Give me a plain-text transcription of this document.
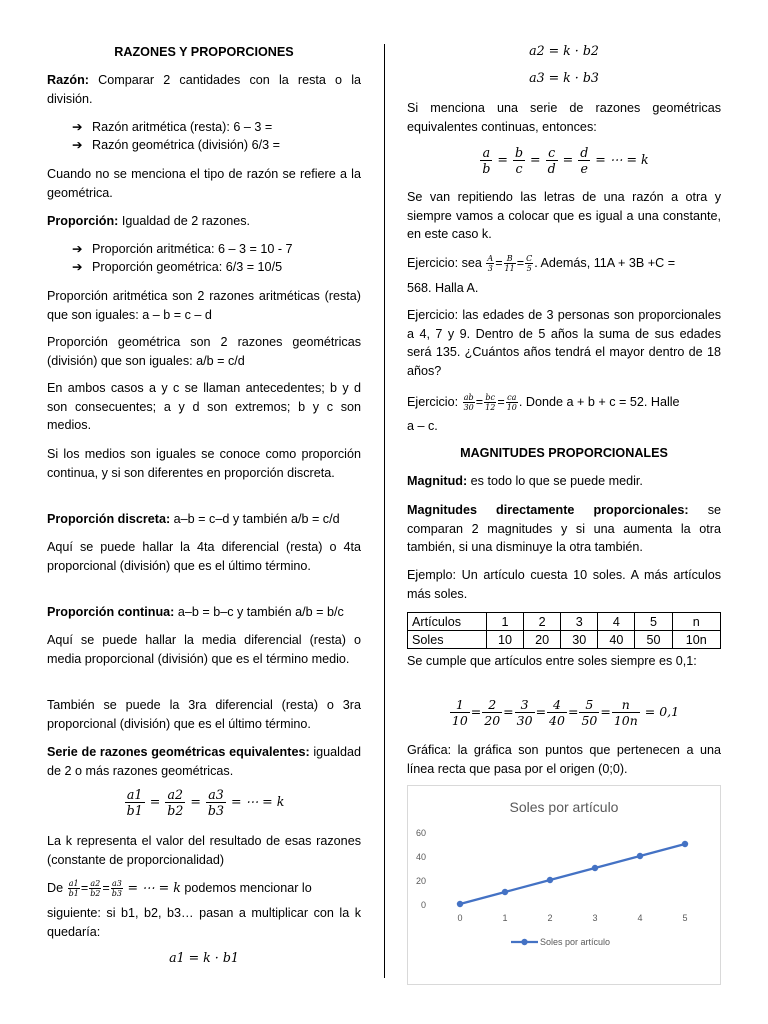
RAZONES Y PROPORCIONES
Razón: Comparar 2 cantidades con la resta o la división.
➔ Razón aritmética (resta): 6 – 3 =
➔ Razón geométrica (división) 6/3 =
Cuando no se menciona el tipo de razón se refiere a la geométrica.
Proporción: Igualdad de 2 razones.
➔ Proporción aritmética: 6 – 3 = 10 - 7
➔ Proporción geométrica: 6/3 = 10/5
Proporción aritmética son 2 razones aritméticas (resta) que son iguales: a – b = c – d
Proporción geométrica son 2 razones geométricas (división) que son iguales: a/b = c/d
En ambos casos a y c se llaman antecedentes; b y d son consecuentes; a y d son extremos; b y c son medios.
Si los medios son iguales se conoce como proporción continua, y si son diferentes en proporción discreta.
Proporción discreta: a–b = c–d y también a/b = c/d
Aquí se puede hallar la 4ta diferencial (resta) o 4ta proporcional (división) que es el último término.
Proporción continua: a–b = b–c y también a/b = b/c
Aquí se puede hallar la media diferencial (resta) o media proporcional (división) que es el término medio.
También se puede la 3ra diferencial (resta) o 3ra proporcional (división) que es el último término.
Serie de razones geométricas equivalentes: igualdad de 2 o más razones geométricas.
$\frac{a1}{b1} = \frac{a2}{b2} = \frac{a3}{b3}$ = ⋯ = k
La k representa el valor del resultado de esas razones (constante de proporcionalidad)
De $\frac{a1}{b1} = \frac{a2}{b2} = \frac{a3}{b3}$ = ⋯ = k podemos mencionar lo
siguiente: si b1, b2, b3… pasan a multiplicar con la k quedaría:
a1 = k · b1
a2 = k · b2
a3 = k · b3
Si menciona una serie de razones geométricas equivalentes continuas, entonces:
$\frac{a}{b} = \frac{b}{c} = \frac{c}{d} = \frac{d}{e}$ = ⋯ = k
Se van repitiendo las letras de una razón a otra y siempre vamos a colocar que es igual a una constante, en este caso k.
Ejercicio: sea $\frac{A}{3} = \frac{B}{11} = \frac{C}{5}$ . Además, 11A + 3B +C =
568. Halla A.
Ejercicio: las edades de 3 personas son proporcionales a 4, 7 y 9. Dentro de 5 años la suma de sus edades será 135. ¿Cuántos años tendrá el mayor dentro de 18 años?
Ejercicio: $\frac{ab}{30} = \frac{bc}{12} = \frac{ca}{10}$ . Donde a + b + c = 52. Halle
a – c.
MAGNITUDES PROPORCIONALES
Magnitud: es todo lo que se puede medir.
Magnitudes directamente proporcionales: se comparan 2 magnitudes y si una aumenta la otra también, si una disminuye la otra también.
Ejemplo: Un artículo cuesta 10 soles. A más artículos más soles.
Artículos	1	2	3	4	5	n
Soles	10	20	30	40	50	10n
Se cumple que artículos entre soles siempre es 0,1:
$\frac{1}{10} = \frac{2}{20} = \frac{3}{30} = \frac{4}{40} = \frac{5}{50} = \frac{n}{10n} = 0,1$
Gráfica: la gráfica son puntos que pertenecen a una línea recta que pasa por el origen (0;0).
Soles por artículo
0
20
40
60
0	1	2	3	4	5
Soles por artículo
